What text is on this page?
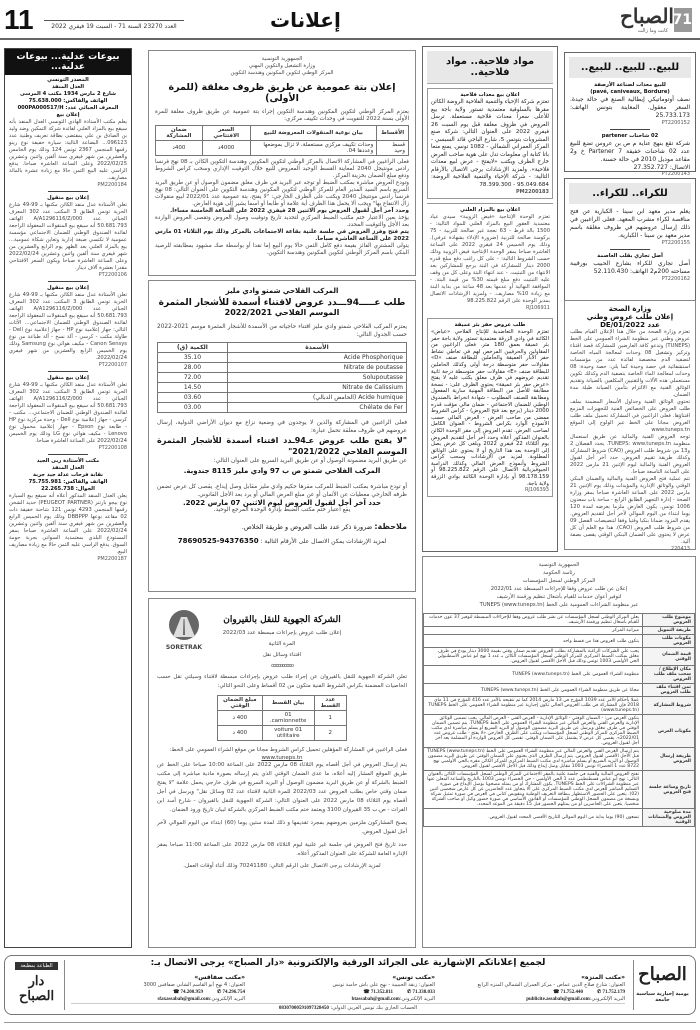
11	العدد 23270 السنة 71 - السبت 19 فيفري 2022	إعلانات	71
الصباح
كانت وما زالت
للبيع.. للبيع.. للبيع..
للبيع معدات لصناعة الأرصفة
(pavé, caniveaux, Bordure)
نصف أوتوماتيكي إيطالية الصنع في حالة جيدة. السعر معقول. المعاينة بتونس الهاتف: 25.733.173
PT2200152
02 شاحنات partener
شركة تقع بنهج عناية م ص بن عروس تضع للبيع عدد 02 شاحنات خفيفة Partener 7 خ و2 مقاعد موديل 2010 في حالة حسنة.
الاتصال: 27.352.727
PT2200143
للكراء.. للكراء..
يعلم مدير معهد ابن سينا - الكبارية عن فتح مناقصة لكراء مشرب المعهد. فعلى الراغبين في ذلك إرسال عروضهم في ظروف مغلقة باسم مدير معهد بن سينا - الكبارية.
PT2200155
أصل تجاري بقلب العاصمة
أصل تجاري للكراء بشارع الحبيب بورقيبة مساحته 200م2 الهاتف: 52.110.430
PT2200162
وزارة الصحة
إعلان طلب عروض وطني
عدد 2022/DE/01
تعتزم وزارة الصحة من خلال هذا الإعلان القيام بطلب عروض وطني عبر منظومة الشراء العمومي على الخط (TUNEPS) وتدعو كافة العارضين للمشاركة قصد اقتناء وتركيز وتشغيل 08 وحدات لمعالجة المياه الخاصة لتصفية الدم مخصصة لفائدة عدد من مؤسسات استشفائية في حصة وحيدة كما يلي: حصة وحيدة: 08 وحدات لمعالجة الماء الخاصة بتصفية الدم وكذلك تكوين مستعملي هذه الآلات والتقنيين المكلفين بالصيانة وتقديم الوثائق الفنية مع الالتزام بتأمين الصيانة طيلة مدة الضمان.
تحتوي الوثائق الفنية وجداول الأسعار المضمنة بملف طلب العروض على الخصائص الفنية للتجهيزات المزمع اقتناؤها. فعلى الراغبين في المشاركة تحميل ملف طلب العروض مجانا على الخط عبر الولوج إلى الموقع www.tuneps.tn
توجه العروض الفنية والمالية عن طريق استعمال منظومة TUNEPS: www.tuneps.tn. يحدد الفصلان 2 و13 من شروط طلب العروض (CAO) شروط المشاركة وكذلك طريقة تقييم العروض. حدد آخر أجل لقبول العروض الفنية والمالية ليوم الإثنين 21 مارس 2022 على الساعة التاسعة صباحا.
تتم عملية فتح العروض الفنية والمالية والضمان البنكي الوقتي والوثائق الإدارية والمؤيدات وذلك يوم الإثنين 21 مارس 2022 على الساعة العاشرة صباحا بمقر وزارة الصحة - إدارة التجهيز الطابق الرابع - ساحة باب سعدون 1006 تونس. يكون العارض ملزما بعرضه لمدة 120 يوما ابتداء من اليوم الموالي لآخر أجل لتقديم العروض. يقدم المزود ضمانا بنكيا وقتيا وفقا لتنصيصات الفصل 09 من شروط طلب العروض (CAO). هذا مع العلم أن كل عرض لا يحتوي على الضمان البنكي الوقتي يقصى بصفة آلية.
220413
مواد فلاحية.. مواد فلاحية..
اعلان بيع معدات فلاحية
تعتزم شركة الإحياء والتنمية الفلاحية الروضة الكائن مقرها بالسلوقية معتمدية تستور ولاية باجة بيع للأعلى سعرا معدات فلاحية مستعملة. ترسل العروض في ظروف مغلقة قبل يوم السبت 26 فيفري 2022 على العنوان التالي: شركة صنع المشروبات بتونس 5، شارع الباجي قائد السبسي - المركز العمراني الشمالي - 1082 تونس. يمنع منعا باتا كتابة أي معلومات تدل على هوية صاحب العرض خارج الظرف ويكتب «لايفتح - عرض لبيع معدات فلاحية». ولمزيد الإرشادات يرجى الاتصال بالأرقام التالية: - شركة الإحياء والتنمية الفلاحية الروضة: 95.049.684 - 78.399.300
PM2200183
اعلان بيع بالمزاد العلني
تعتزم الوحدة الإنتاجية «فيض الزويبة» سيدي عياد معتمدية العقور البيع بالمزاد العلني للمواد التالية: - 1500 بالة قرط - 63 نعجة غير صالحة للتربية - 75 بركوسة صالحة للتربية (ضرورة الإدلاء بشهادة عرفي). وذلك يوم الخميس 24 فيفري 2022 على الساعة العاشرة صباحا بمقر الوحدة الإنتاجية فيض الزويبة وذلك حسب الشروط التالية: - على كل راغب دفع مبلغ قدره 2000 دينار للمشاركة في البتة يرجع للمشاركين بعد الانتهاء من التبتيت. - عند انتهاء البتة وعلى كل من وقف عليه التبتيت دفع مبلغ قيمته 30% من قيمة البتة. - الموافقة النهائية أو عدمها بعد 48 ساعة من بداية البتة مع زيادة 10% مصاريف. - ولمزيد الإرشادات الاتصال بمدير الوحدة على الرقم 98.225.822
RJ106911
طلب عروض حفر بئر عميقة
تعتزم الوحدة التعاضدية للإنتاج الفلاحي «عياض» الكائنة في وادي الزرقة معتمدية تستور ولاية باجة حفر بئر عميقة بعمق 180 متر. فعلى الراغبين من المقاولين والحرفيين المرخص لهم في تعاطي نشاط حفر الآبار العميقة والحاملين للبطاقة صنف «D» مقاولات حفر متوسطة درجة أولى وكذلك الحاملين للبطاقة صنف «E» مقاولات حفر متوسطة درجة ثانية تقديم عروضهم في ظرف مغلق يكتب عليه لا يفتح «عرض حفر بئر عميقة» يحتوي الظرف على: - نسخة مطابقة للأصل من البطاقة المهنية سارية المفعول ومطابقة للصنف المطلوب - شهادة انخراط بالصندوق الوطني للضمان الاجتماعي - ضمان مالي مؤقت قدره 2000 دينار (يرجع بعد فتح العروض) - كراس الشروط ممضى من صاحب العرض - العرض المالي حسب الأنموذج الوارد بكراس الشروط - العنوان الكامل لصاحب العرض. تقدم العروض إلى مقر الوحدة الكائن بالعنوان المذكور أعلاه وحدد آخر أجل لتقديم العروض يوم الثلاثاء 22 فيفري 2022 ويلغى كل عرض يصل إلى الوحدة بعد هذا التاريخ أو لا يحتوي على الوثائق المطلوبة. لمزيد من الإرشادات وسحب كراس الشروط وأنموذج العرض المالي وكذلك الدراسة الجيوفيزيائية الاتصال على الرقم 98.225.822 أو 98.178.159 أو بإدارة الوحدة الكائنة بوادي الزرقة ولاية باجة.
RJ106393
الجمهورية التونسية
رئاسة الحكومة
المركز الوطني لسجل المؤسسات
إعلان عن طلب عروض وفقا للإجراءات المبسطة عدد 2022/01
لتوفير أعوان خدمات للقيام بأشغال تنظيم ورقمنة الأرشيف
عبر منظومة الشراءات العمومية على الخط TUNEPS (www.tuneps.tn)
موضوع طلب العروض	يعلن المركز الوطني لسجل المؤسسات عن نشر طلب عروض وفقا للإجراءات المبسطة لتوفير 37 عون خدمات للقيام بأشغال تنظيم ورقمنة الأرشيف.
طريقة التمويل	ميزانية المركز
مكونات طلب العروض	يتكون طلب العروض هذا من قسط واحد
قيمة الضمان الوقتي	يجب على الشركات الراغبة بالمشاركة بطلب العروض تقديم ضمان وقتي بقيمة 3000 دينار يودع في ظرف مغلق بمكتب الضبط المركزي للمركز الوطني لسجل المؤسسات الكائن بـ عدد 1 نهج أبو عباس الأسطنبولي الحي الأولمبي 1003 تونس وذلك قبل الأجل الأقصى لقبول العروض.
مكان الإطلاع / سحب ملف طلب العروض	منظومة الشراء العمومي على الخط TUNEPS (www.tuneps.tn)
ثمن اقتناء ملف طلب العروض	مجانا عن طريق منظومة الشراء العمومي على الخط TUNEPS (www.tuneps.tn)
شروط المشاركة	عملا بأحكام الأمر عدد 1039 المؤرخ في 13 مارس 2014 كما تم تنقيحه بالأمر عدد 416 المؤرخ في 11 ماي 2018 فإن المشاركة في طلب العروض الحالي تكون إجبارية عبر منظومة الشراء العمومي على الخط TUNEPS (www.tuneps.tn)
مكونات العرض	يتكون العرض من: - الضمان الوقتي - الوثائق الإدارية - العرض الفني - العرض المالي. يجب تضمين الوثائق الإدارية والعرض الفني والعرض المالي عبر منظومة الشراء العمومي على الخط TUNEPS. يتم تضمين الضمان الوقتي في ظرف مغلق ويرسل عن طريق البريد مضمون الوصول أو البريد السريع أو يسلم مباشرة لدى مكتب الضبط المركزي للمركز الوطني لسجل المؤسسات ويكتب على الظرف الخارجي «لا يفتح - طلب عروض عدد 2022/01». يقصى كل عرض لا يشتمل على الضمان الوقتي. تقصى كل العروض الواردة أو المسلمة بعد آخر أجل لقبول العروض.
طريقة إرسال العروض	يتم إرسال العرض الفني والعرض المالي عبر منظومة الشراء العمومي على الخط TUNEPS (www.tuneps.tn) قبل الأجل الأقصى لقبول العروض. يتم إرسال الظرف الذي يحتوي على الضمان الوقتي عن طريق البريد مضمون الوصول أو البريد السريع أو يسلم مباشرة لدى مكتب الضبط المركزي للمركز الكائن مقره بالحي الأولمبي نهج 8722 عدد 1 الخضراء تونس 1003 مقابل وصل إيداع وذلك قبل الأجل الأقصى لقبول العروض.
تاريخ وساعة جلسة فتح العروض	تفتح العروض المالية والفنية في جلسة علنية بالمقر الاجتماعي للمركز الوطني لسجل المؤسسات الكائن بالعنوان التالي: نهج أبو عباس قسطنطيني عدد 1 الحي الأولمبي - حي الخضراء تونس 1003 بالتاريخ والساعة المعلن عنها عبر منظومة الشراءات على الخط TUNEPS. يكون المشارك أو من يمثله مصحوبا بوصل الإيداع في صورة التسليم المباشر للعرض لدى مكتب الضبط المركزي على ألا يتجاوز عدد الحاضرين عن كل عارض شخصين اثنين (02). يتعين على الحضور الاستظهار ببطاقة التعريف الوطنية وبتفويض كتابي في العرض في صورة تمثيل شركة وبنسخة من مضمون السجل الوطني للمؤسسات أو القانون الأساسي في صورة حضور وكيل أو صاحب الشركة شخصيا. يتعين على الحاضرين أو من يمثلهم الحضور قبل 15 دقيقة من الموعد المحدد.
مدة صلوحية العروض والضمانات الوقتية	تسعون (90) يوما بداية من اليوم الموالي للتاريخ الأقصى المحدد لقبول العروض.
الجمهورية التونسية
وزارة التشغيل والتكوين المهني
المركز الوطني لتكوين المكونين وهندسة التكوين
إعلان بتة عمومية عن طريق ظروف مغلقة (للمرة الأولى)
يعتزم المركز الوطني لتكوين المكونين وهندسة التكوين إجراء بتة عمومية عن طريق ظروف مغلقة للمرة الأولى بسنة 2022 للتفويت في وحدات تكييف مركزي:
الأقساط	بيان نوعية المنقولات المعروضة للبيع	السعر الافتتاحي	ضمان المشاركة
قسط وحيد	وحدات تكييف مركزي مستعملة، لا تزال بموضعها وعددها 04.	4000د	400د
فعلى الراغبين في المشاركة الاتصال بالمركز الوطني لتكوين المكونين وهندسة التكوين الكائن بـ 08 نهج فرنسا رادس مونتيجل 2040 لمعاينة القسط الوحيد المعروض للبيع خلال التوقيت الإداري وسحب كراس الشروط ودفع مبلغ الضمان بخزينة المركز.
وتودع العروض مباشرة بمكتب الضبط أو توجه عبر البريد في ظرف مغلق مضمون الوصول أو عن طريق البريد السريع باسم السيد المدير العام للمركز الوطني لتكوين المكونين وهندسة التكوين على العنوان التالي: 08 نهج فرنسا رادس مونتيجل 2040 ويكتب على الظرف الخارجي: "لا يفتح، بتة عمومية عدد 2022/01 لبيع منقولات زال الانتفاع بها" ويجب ألا يحمل هذا الظرف أية علامة أو طابعا أو اسما يشير إلى هوية العارض.
وحدد آخر أجل لقبول العروض يوم الاثنين 28 فيفري 2022 على الساعة الخامسة مساءا.
يؤخذ بعين الاعتبار ختم مكتب الضبط المركزي لتحديد تاريخ وتوقيت وصول العروض وتقصى العروض الواردة بعد الأجل والتوقيت المحدد.
يتم فتح وفرز العروض في جلسة علنية بقاعة الاجتماعات بالمركز وذلك يوم الثلاثاء 01 مارس 2022 على الساعة العاشرة صباحا.
يتولى المشتري الفائز بقيمة دفع كامل الثمن حالا يوم البيع إما نقدا أو بواسطة صك مشهود بمطابقته للرصيد البنكي باسم المركز الوطني لتكوين المكونين وهندسة التكوين.
المركب الفلاحي شمتو وادي مليز
طلب عـــــ94ـــدد عروض لاقتناء أسمدة للأشجار المثمرة
الموسم الفلاحي 2022/2021
يعتزم المركب الفلاحي شمتو وادي مليز اقتناء حاجياته من الأسمدة للأشجار المثمرة موسم 2021-2022 حسب الجدول التالي:
الأسمدة	الكمية (ق)
Acide Phosphorique	35.10
Nitrate de poutasse	28.00
Solupoutasse	72.00
Nitrate de Calissium	14.50
(الحامض الدبالي) Acide humique	03.60
Chélate de Fer	03.00
فعلى الراغبين في المشاركة والذين لا يوجدون في وضعية نزاع مع ديوان الأراضي الدولية، إرسال عروضهم في ظروف مغلقة تحمل عبارة:
"لا يفتح طلب عروض عـ94ـدد اقتناء أسمدة للأشجار المثمرة الموسم الفلاحي 2021/2022"
عن طريق البريد مضمونة الوصول أو عن طريق البريد السريع على العنوان التالي:
المركب الفلاحي شمتو ص ب 97 وادي مليز 8115 جندوبة.
أو تودع مباشرة بمكتب الضبط للمركب مقرها حكيم وادي مليز مقابل وصل إيداع. يقصى كل عرض تضمن ظرفه الخارجي معطيات عن الأثمان أو عن مبلغ العرض المالي أو يرد بعد الأجل القانوني.
حدد آخر أجل لقبول العروض ليوم الاثنين 07 مارس 2022.
يقع اعتبار ختم مكتب الضبط بإدارة الوحدة المرجع الوحيد.
ملاحظة: ضرورة ذكر عدد طلب العروض و طريقة الخلاص.
لمزيد الإرشادات يمكن الاتصال على الأرقام التالية : 94376350-78690525
SORETRAK
الشركة الجهوية للنقل بالقيروان
إعلان طلب عروض بإجراءات مبسطة عدد 2022/03
المرة الثانية
اقتناء وسائل نقل
oooooooooo
تعلن الشركة الجهوية للنقل بالقيروان عن إجراء طلب عروض بإجراءات مبسطة لاقتناء وسيلتي نقل حسب الخاصيات المضمنة بكراس الشروط الفنية متكون من 02 أقساط وعلى النحو التالي:
عدد القسط	بيان القسط	مبلغ الضمان الوقتي
1	01 camionnette.	400 د
2	01 voiture utilitaire	400 د
فعلى الراغبين في المشاركة المؤهلين تحميل كراس الشروط مجانا من موقع الشراء العمومي على الخط:
www.tuneps.tn
يتم إرسال العروض في أجل أقصاه يوم الثلاثاء 08 مارس 2022 على الساعة 10:00 صباحا على الخط عن طريق الموقع المشار إليه أعلاه، ما عدى الضمان الوقتي الذي يتم إرساله بصورة مادية مباشرة إلى مكتب الضبط بالشركة أو عن طريق البريد مضمون الوصول أو البريد السريع في ظرف خارجي يحمل علامة "لا يفتح ضمان وقتي خاص بطلب العروض عدد 2022/03 للمرة الثانية لاقتناء عدد 02 وسائل نقل" ويرسل في أجل أقصاه يوم الثلاثاء 08 مارس 2022 على العنوان التالي: الشركة الجهوية للنقل بالقيروان - شارع أسد ابن الفرات - ص.ب 35 القيروان 3100 ويعتمد ختم مكتب الضبط المركزي بالشركة لبيان تاريخ ورود الضمان.
يصبح المشاركون ملزمين بعروضهم بمجرد تقديمها و ذلك لمدة ستين يوما (60) ابتداء من اليوم الموالي لآخر أجل لقبول العروض.
حدد تاريخ فتح العروض في جلسة غير علنية ليوم الثلاثاء 08 مارس 2022 على الساعة 11:00 صباحا بمقر الإدارة العامة للشركة على العنوان المذكور أعلاه.
لمزيد الإرشادات يرجى الاتصال على الرقم التالي: 70241180 وذلك أثناء أوقات العمل.
بيوعات عدلية... بيوعات عدلية...
المصدر التونسي
العدل المنفذ
شارع 2 مارس 1934 مكتب 4 المرسى
الهاتف والفاكس: 75.638.000
المعرف الجبائي عدد: 000PA000517/H
إعلان بيع
يعلم مكتب الأستاذة الهادي التونسي العدل المنفذ بأنه سيقع بيع بالمزاد العلني لفائدة شركة التمكين وضد وليد بن الصادق بن علي بمقتضى بطاقة تعريف وطنية عدد 096123... البضاعة التالية: سيارة خفيفة نوع رينو رقمها المنجمي 2367 تونس 124 وذلك يوم الخامس والعشرين من شهر فيفري سنة ألفين واثنين وعشرين 2022/02/25 وعلى الساعة العاشرة صباحا. يدفع الراسي عليه البيع الثمن حالا مع زيادة عشرة بالمائة مصاريف.
PM2200184
إعلان بيع منقول
تعلن الأستاذة عدل منفذ الكائن مكتبها بـ 99-49 شارع الحرية تونس الطابق 3 المكتب عدد 302 المعرف الجبائي عدد 000/A/A1296116/Z الهاتف 50.681.793 أنه سيقع بيع المنقولات المعقولة الراجعة لفائدة الصندوق الوطني للضمان الاجتماعي مؤسسة عمومية لا تكتسي صبغة إدارية وتعاين شكاة عمومية... بيع بالمزاد العلني بعد الظهر يوم الرابع والعشرين من شهر فيفري سنة ألفين واثنين وعشرين 2022/02/24 وعلى الساعة العاشرة صباحا ويكون السعر الافتتاحي مقدرا بعشرة آلاف دينار.
PT2200106
إعلان بيع منقول
تعلن الأستاذة عدل منفذ الكائن مكتبها بـ 99-49 شارع الحرية تونس الطابق 3 المكتب عدد 302 المعرف الجبائي عدد 000/A/A1296116/Z الهاتف 50.681.793 أنه سيقع بيع المنقولات المعقولة الراجعة لفائدة الصندوق الوطني للضمان الاجتماعي... الأثاث التالي: جهاز إعلامية نوع HP - جهاز إعلامية نوع Dell - طاولة مكتب - كرسي - آلة نسخ - آلة طباعة من نوع Canon Sensys - مكيف هوائي نوع Samsung وذلك يوم الخميس الرابع والعشرين من شهر فيفري 2022/02/24.
PT2200107
إعلان بيع منقول
تعلن الأستاذة عدل منفذ الكائن مكتبها بـ 99-49 شارع الحرية تونس الطابق 3 المكتب عدد 302 المعرف الجبائي عدد 000/A/A1296116/Z الهاتف 50.681.793 أنه سيقع بيع المنقولات المعقولة الراجعة لفائدة الصندوق الوطني للضمان الاجتماعي... مكتب - كرسي - جهاز إعلامية نوع Dell - وحدة مركزية نوع HP - طابعة نوع Epson - جهاز إعلامية محمول نوع Lenovo - مكيف هوائي نوع LG وذلك يوم الخميس 2022/02/24 على الساعة العاشرة صباحا.
PT2200108
مكتب الأستاذة ربى الجيد
العدل المنفذ
نقابة فرحات عدلة جيد جربة
الهاتف والفاكس: 75.755.981
الجوال: 22.265.738
يعلن العدل المنفذ المذكور أعلاه أنه سيقع بيع السيارة نوع بيجو بارتنر (PEUGEOT PARTNER) حديد الشحن رقمها المنجمي 4293 تونس 121 شاحنة خفيفة ذات 02 مقاعد نوعها DBBPPP وذلك يوم الخميس الرابع والعشرين من شهر فيفري سنة ألفين واثنين وعشرين 2022/02/24 على الساعة العاشرة صباحا بمقر المستودع البلدي بمعتمدية السواني بجربة حومة السوق. يدفع الراسي عليه الثمن حالا مع زيادة مصاريف البيع.
PM2200187
الصباح
يومية إخبارية سياسية جامعة
الطباعة بمطبعة
دار الصباح
لجميع إعلاناتكم الإشهارية على الجرائد الورقية والإلكترونية «دار الصباح» يرجى الاتصال بـ:
«مكتب المنزه»
العنوان: شارع صلاح الدين عماص - مركز العمران الشمالي المنزه الرابع
☎ 71.752.440	✆ 71.752.179
البريد الإلكتروني:publicite.assabah@gmail.com
«مكتب تونس»
العنوان: زنقة الحبيبية - نهج علي باش حامبة تونس
☎ 71.352.811	✆ 71.338.033
البريد الإلكتروني:btassabah@gmail.com
«مكتب صفاقس»
العنوان: 4 نهج أبو القاسم الشابي صفاقس 3000
☎ 74.200.959	✆ 74.296.754
البريد الإلكتروني:sfaxassabah@gmail.com
الحساب الجاري بنك تونس العربي الدولي: 08307000591097328450
